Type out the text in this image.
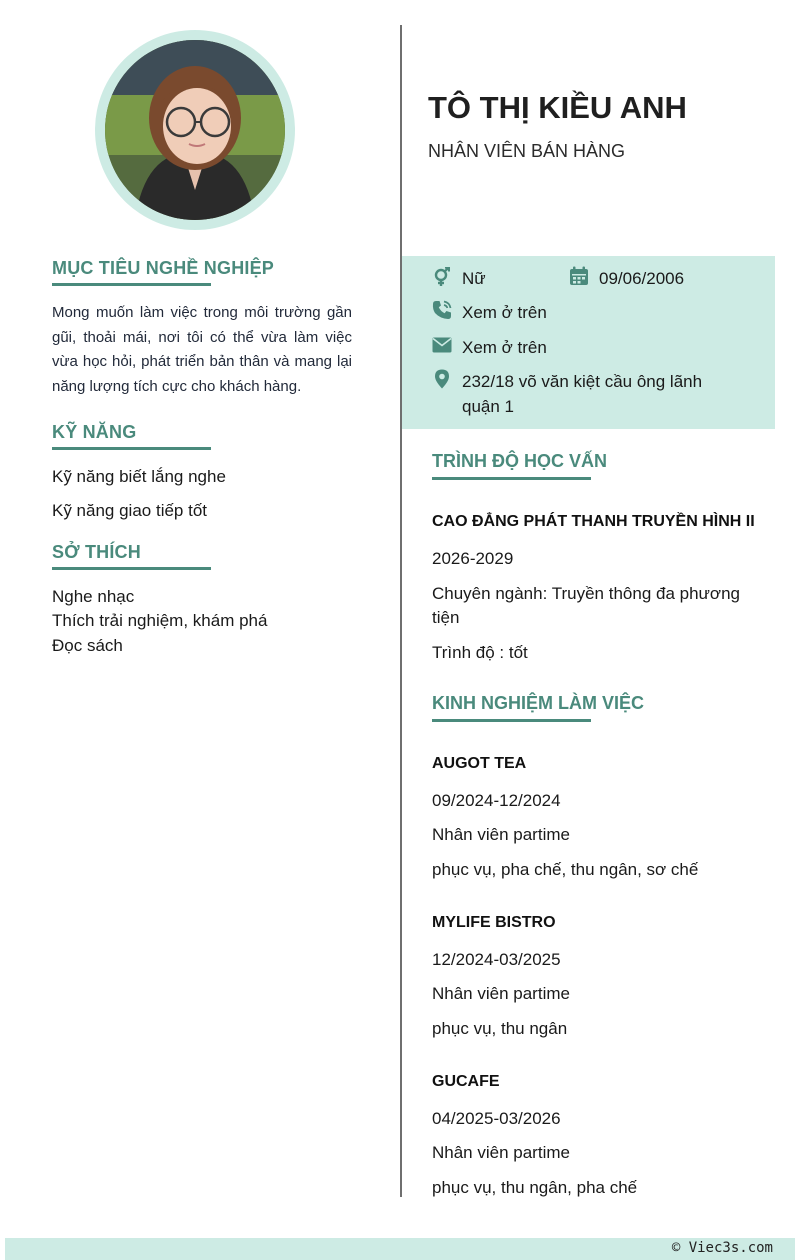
MỤC TIÊU NGHỀ NGHIỆP

Mong muốn làm việc trong môi trường gần gũi, thoải mái, nơi tôi có thể vừa làm việc vừa học hỏi, phát triển bản thân và mang lại năng lượng tích cực cho khách hàng.

KỸ NĂNG
Kỹ năng biết lắng nghe
Kỹ năng giao tiếp tốt
SỞ THÍCH
Nghe nhạc
Thích trải nghiệm, khám phá
Đọc sách
TÔ THỊ KIỀU ANH
NHÂN VIÊN BÁN HÀNG
Nữ	09/06/2006
Xem ở trên
Xem ở trên
232/18 võ văn kiệt cầu ông lãnh
quận 1
TRÌNH ĐỘ HỌC VẤN
CAO ĐẲNG PHÁT THANH TRUYỀN HÌNH II
2026-2029
Chuyên ngành: Truyền thông đa phương
tiện
Trình độ : tốt
KINH NGHIỆM LÀM VIỆC
AUGOT TEA
09/2024-12/2024
Nhân viên partime
phục vụ, pha chế, thu ngân, sơ chế
MYLIFE BISTRO
12/2024-03/2025
Nhân viên partime
phục vụ, thu ngân
GUCAFE
04/2025-03/2026
Nhân viên partime
phục vụ, thu ngân, pha chế
© Viec3s.com
